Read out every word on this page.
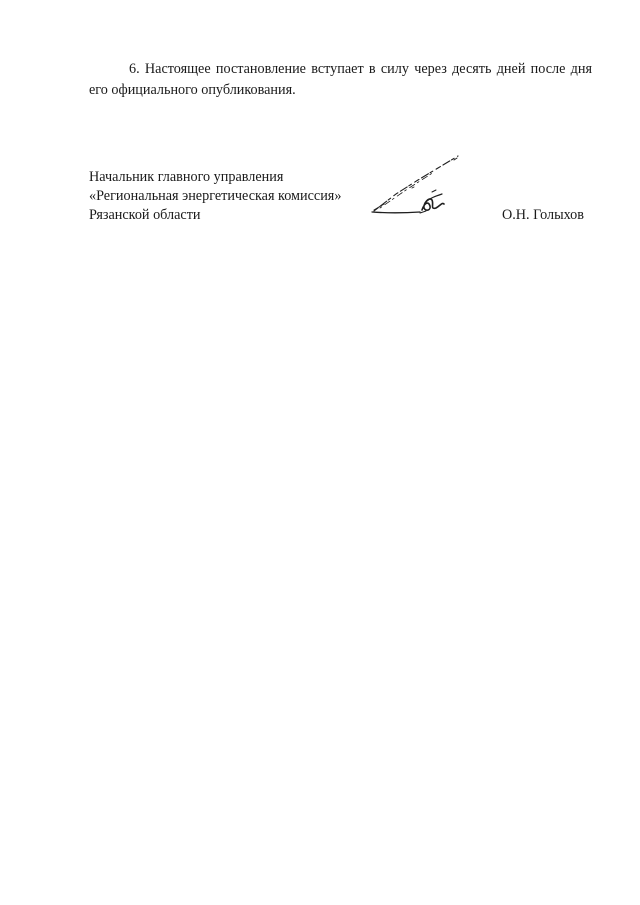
6. Настоящее постановление вступает в силу через десять дней после дня его официального опубликования.

Начальник главного управления
«Региональная энергетическая комиссия»
Рязанской области	О.Н. Голыхов
